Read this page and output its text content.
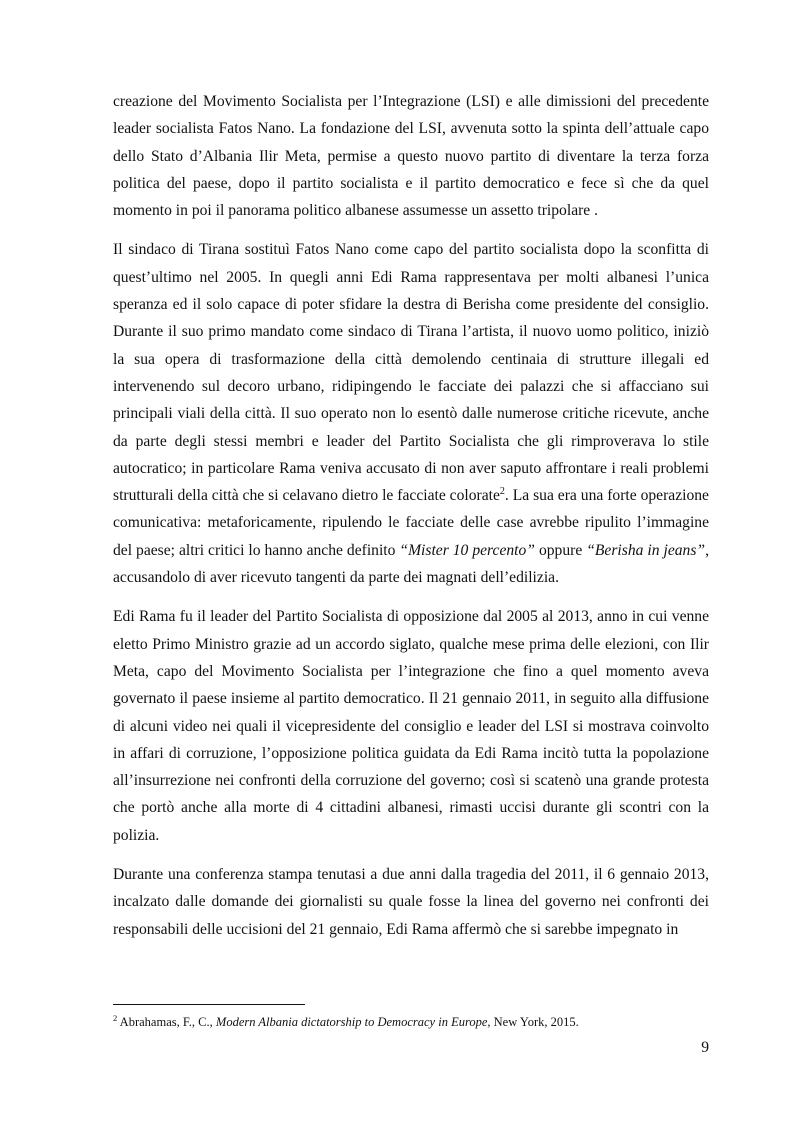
creazione del Movimento Socialista per l’Integrazione (LSI) e alle dimissioni del precedente leader socialista Fatos Nano. La fondazione del LSI, avvenuta sotto la spinta dell’attuale capo dello Stato d’Albania Ilir Meta, permise a questo nuovo partito di diventare la terza forza politica del paese, dopo il partito socialista e il partito democratico e fece sì che da quel momento in poi il panorama politico albanese assumesse un assetto tripolare .

Il sindaco di Tirana sostituì Fatos Nano come capo del partito socialista dopo la sconfitta di quest’ultimo nel 2005. In quegli anni Edi Rama rappresentava per molti albanesi l’unica speranza ed il solo capace di poter sfidare la destra di Berisha come presidente del consiglio. Durante il suo primo mandato come sindaco di Tirana l’artista, il nuovo uomo politico, iniziò la sua opera di trasformazione della città demolendo centinaia di strutture illegali ed intervenendo sul decoro urbano, ridipingendo le facciate dei palazzi che si affacciano sui principali viali della città. Il suo operato non lo esentò dalle numerose critiche ricevute, anche da parte degli stessi membri e leader del Partito Socialista che gli rimproverava lo stile autocratico; in particolare Rama veniva accusato di non aver saputo affrontare i reali problemi strutturali della città che si celavano dietro le facciate colorate$^2$. La sua era una forte operazione comunicativa: metaforicamente, ripulendo le facciate delle case avrebbe ripulito l’immagine del paese; altri critici lo hanno anche definito “Mister 10 percento” oppure “Berisha in jeans”, accusandolo di aver ricevuto tangenti da parte dei magnati dell’edilizia.

Edi Rama fu il leader del Partito Socialista di opposizione dal 2005 al 2013, anno in cui venne eletto Primo Ministro grazie ad un accordo siglato, qualche mese prima delle elezioni, con Ilir Meta, capo del Movimento Socialista per l’integrazione che fino a quel momento aveva governato il paese insieme al partito democratico. Il 21 gennaio 2011, in seguito alla diffusione di alcuni video nei quali il vicepresidente del consiglio e leader del LSI si mostrava coinvolto in affari di corruzione, l’opposizione politica guidata da Edi Rama incitò tutta la popolazione all’insurrezione nei confronti della corruzione del governo; così si scatenò una grande protesta che portò anche alla morte di 4 cittadini albanesi, rimasti uccisi durante gli scontri con la polizia.

Durante una conferenza stampa tenutasi a due anni dalla tragedia del 2011, il 6 gennaio 2013, incalzato dalle domande dei giornalisti su quale fosse la linea del governo nei confronti dei responsabili delle uccisioni del 21 gennaio, Edi Rama affermò che si sarebbe impegnato in

$^2$ Abrahamas, F., C., Modern Albania dictatorship to Democracy in Europe, New York, 2015.
9
